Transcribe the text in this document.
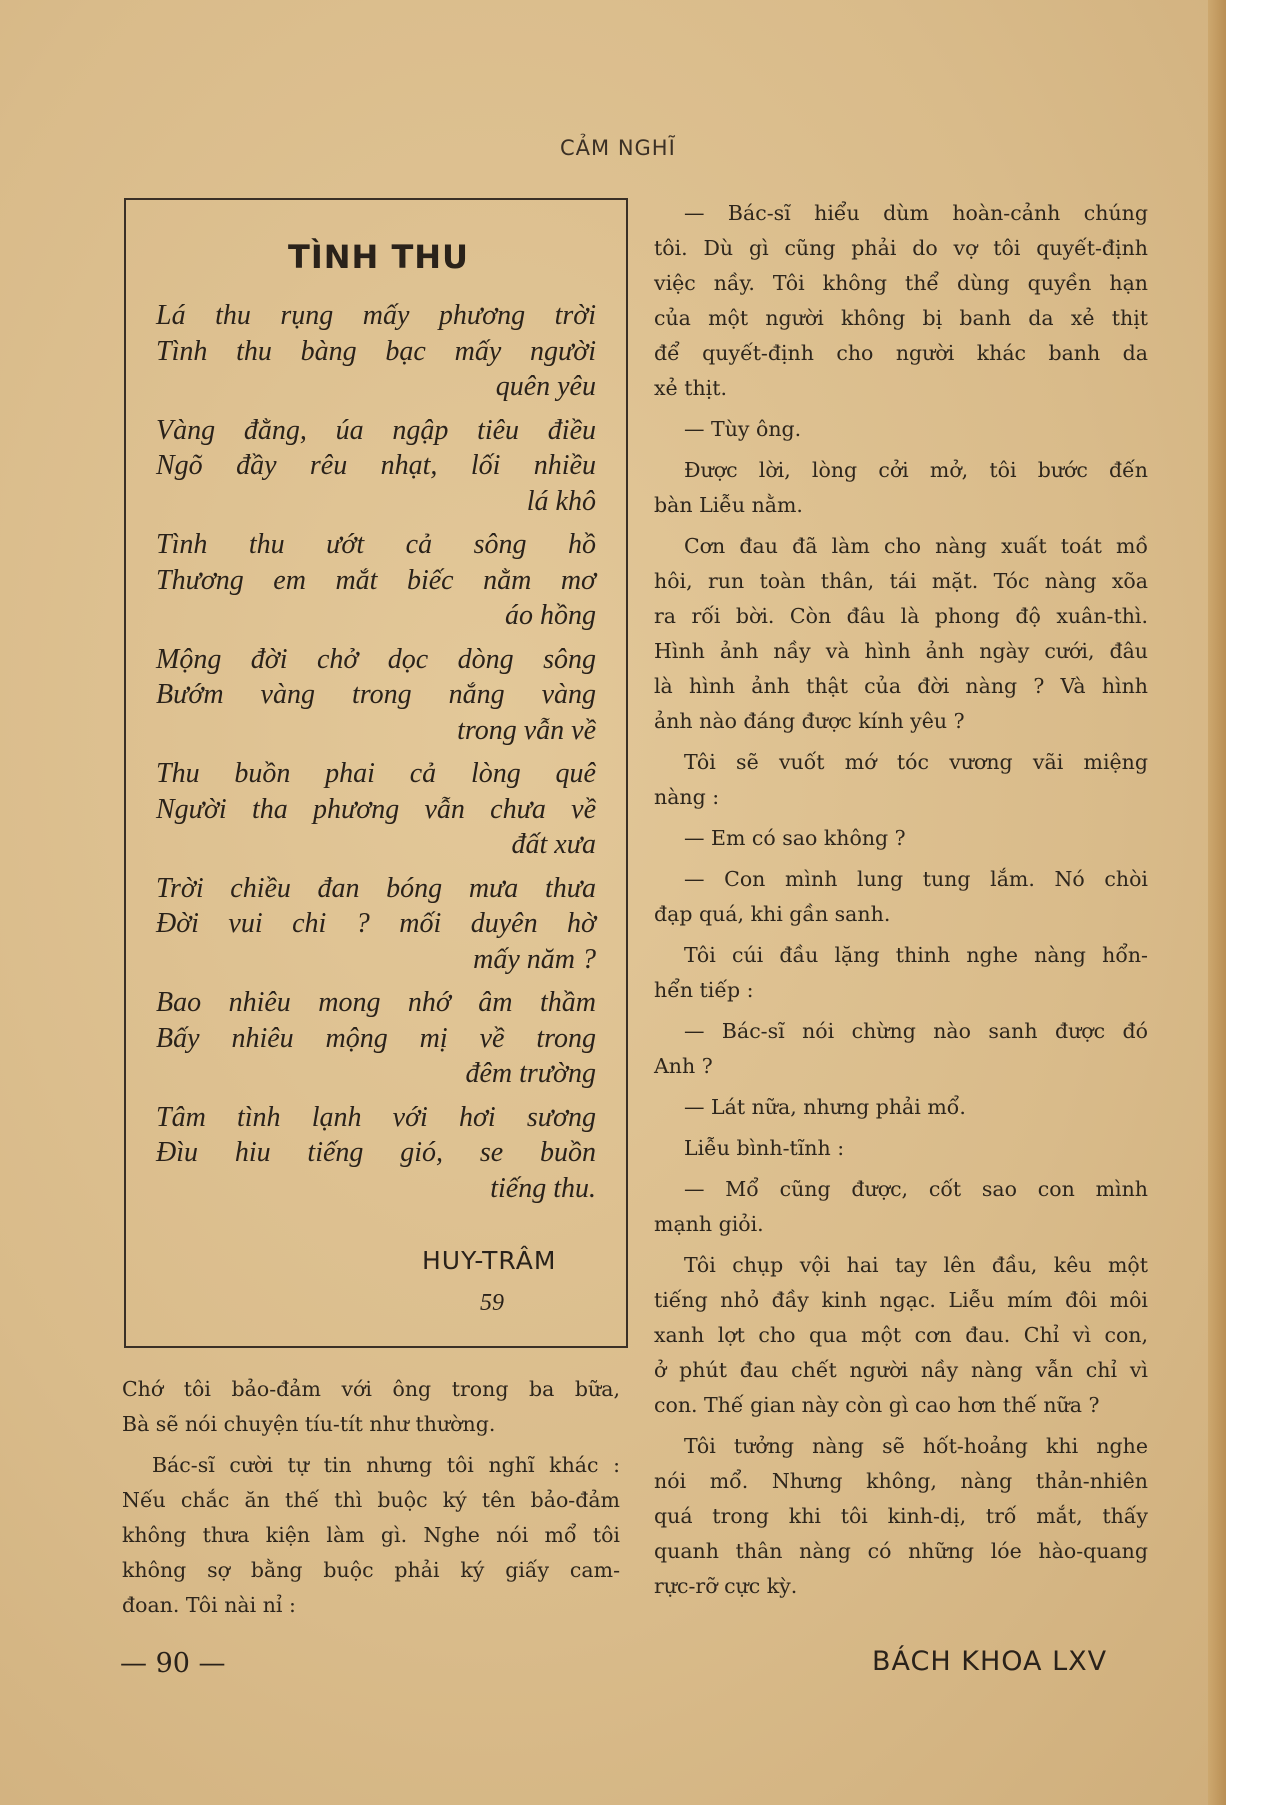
CẢM NGHĨ
TÌNH THU
Lá thu rụng mấy phương trời
Tình thu bàng bạc mấy người
quên yêu
Vàng đằng, úa ngập tiêu điều
Ngõ đầy rêu nhạt, lối nhiều
lá khô
Tình thu ướt cả sông hồ
Thương em mắt biếc nằm mơ
áo hồng
Mộng đời chở dọc dòng sông
Bướm vàng trong nắng vàng
trong vẫn về
Thu buồn phai cả lòng quê
Người tha phương vẫn chưa về
đất xưa
Trời chiều đan bóng mưa thưa
Đời vui chi ? mối duyên hờ
mấy năm ?
Bao nhiêu mong nhớ âm thầm
Bấy nhiêu mộng mị về trong
đêm trường
Tâm tình lạnh với hơi sương
Đìu hiu tiếng gió, se buồn
tiếng thu.
HUY-TRÂM
59
Chớ tôi bảo-đảm với ông trong ba bữa,
Bà sẽ nói chuyện tíu-tít như thường.
Bác-sĩ cười tự tin nhưng tôi nghĩ khác :
Nếu chắc ăn thế thì buộc ký tên bảo-đảm
không thưa kiện làm gì. Nghe nói mổ tôi
không sợ bằng buộc phải ký giấy cam-
đoan. Tôi nài nỉ :
— Bác-sĩ hiểu dùm hoàn-cảnh chúng
tôi. Dù gì cũng phải do vợ tôi quyết-định
việc nầy. Tôi không thể dùng quyền hạn
của một người không bị banh da xẻ thịt
để quyết-định cho người khác banh da
xẻ thịt.
— Tùy ông.
Được lời, lòng cởi mở, tôi bước đến
bàn Liễu nằm.
Cơn đau đã làm cho nàng xuất toát mồ
hôi, run toàn thân, tái mặt. Tóc nàng xõa
ra rối bời. Còn đâu là phong độ xuân-thì.
Hình ảnh nầy và hình ảnh ngày cưới, đâu
là hình ảnh thật của đời nàng ? Và hình
ảnh nào đáng được kính yêu ?
Tôi sẽ vuốt mớ tóc vương vãi miệng
nàng :
— Em có sao không ?
— Con mình lung tung lắm. Nó chòi
đạp quá, khi gần sanh.
Tôi cúi đầu lặng thinh nghe nàng hổn-
hển tiếp :
— Bác-sĩ nói chừng nào sanh được đó
Anh ?
— Lát nữa, nhưng phải mổ.
Liễu bình-tĩnh :
— Mổ cũng được, cốt sao con mình
mạnh giỏi.
Tôi chụp vội hai tay lên đầu, kêu một
tiếng nhỏ đầy kinh ngạc. Liễu mím đôi môi
xanh lợt cho qua một cơn đau. Chỉ vì con,
ở phút đau chết người nầy nàng vẫn chỉ vì
con. Thế gian này còn gì cao hơn thế nữa ?
Tôi tưởng nàng sẽ hốt-hoảng khi nghe
nói mổ. Nhưng không, nàng thản-nhiên
quá trong khi tôi kinh-dị, trố mắt, thấy
quanh thân nàng có những lóe hào-quang
rực-rỡ cực kỳ.
— 90 —	BÁCH KHOA LXV
